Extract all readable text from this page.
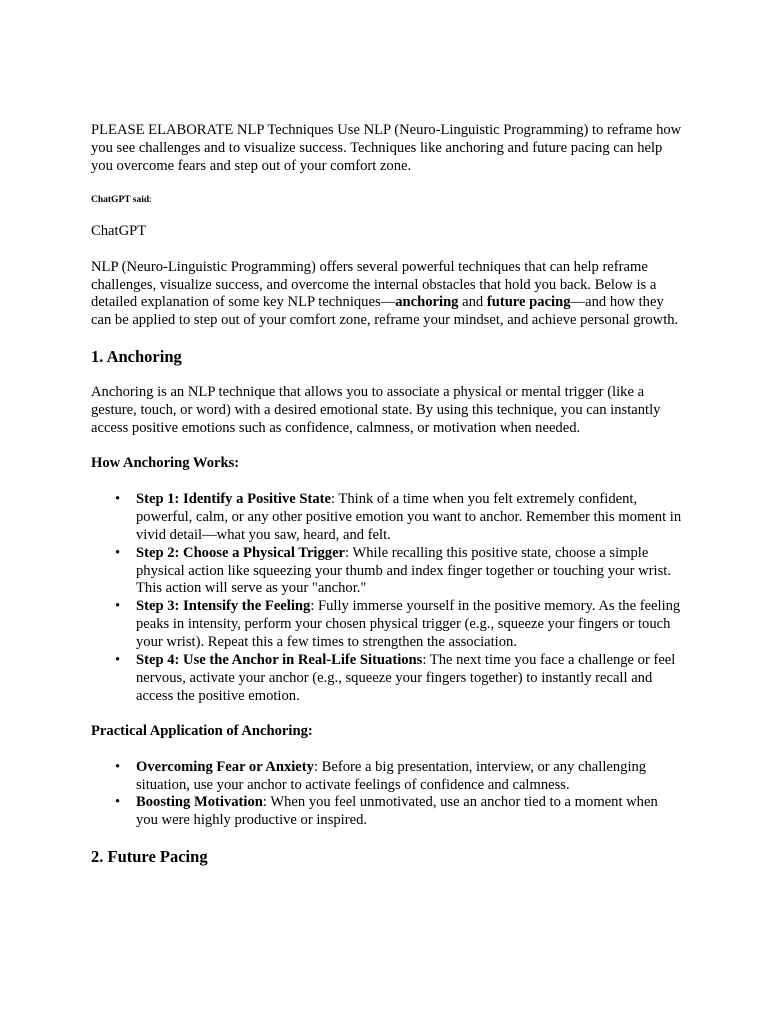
PLEASE ELABORATE NLP Techniques Use NLP (Neuro-Linguistic Programming) to reframe how you see challenges and to visualize success. Techniques like anchoring and future pacing can help you overcome fears and step out of your comfort zone.

ChatGPT said:

ChatGPT

NLP (Neuro-Linguistic Programming) offers several powerful techniques that can help reframe challenges, visualize success, and overcome the internal obstacles that hold you back. Below is a detailed explanation of some key NLP techniques—anchoring and future pacing—and how they can be applied to step out of your comfort zone, reframe your mindset, and achieve personal growth.

1. Anchoring

Anchoring is an NLP technique that allows you to associate a physical or mental trigger (like a gesture, touch, or word) with a desired emotional state. By using this technique, you can instantly access positive emotions such as confidence, calmness, or motivation when needed.

How Anchoring Works:

• Step 1: Identify a Positive State: Think of a time when you felt extremely confident, powerful, calm, or any other positive emotion you want to anchor. Remember this moment in vivid detail—what you saw, heard, and felt.
• Step 2: Choose a Physical Trigger: While recalling this positive state, choose a simple physical action like squeezing your thumb and index finger together or touching your wrist. This action will serve as your "anchor."
• Step 3: Intensify the Feeling: Fully immerse yourself in the positive memory. As the feeling peaks in intensity, perform your chosen physical trigger (e.g., squeeze your fingers or touch your wrist). Repeat this a few times to strengthen the association.
• Step 4: Use the Anchor in Real-Life Situations: The next time you face a challenge or feel nervous, activate your anchor (e.g., squeeze your fingers together) to instantly recall and access the positive emotion.

Practical Application of Anchoring:

• Overcoming Fear or Anxiety: Before a big presentation, interview, or any challenging situation, use your anchor to activate feelings of confidence and calmness.
• Boosting Motivation: When you feel unmotivated, use an anchor tied to a moment when you were highly productive or inspired.
2. Future Pacing
